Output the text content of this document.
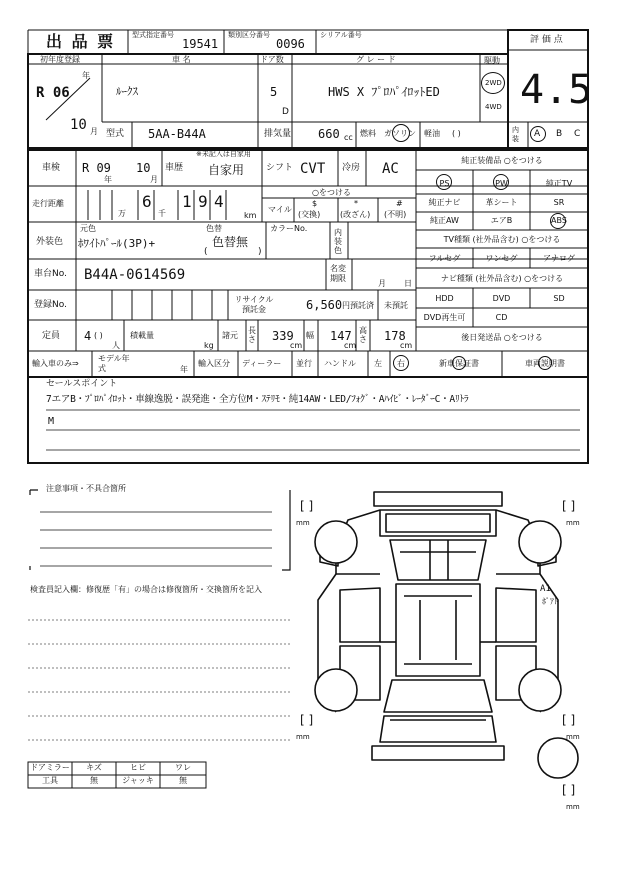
出 品 票 型式指定番号
19541
類別区分番号
0096
シリアル番号	評 価 点
4.5
初年度登録
R 06
年
10 月
車 名
ﾙｰｸｽ
ドア数
5
D
グ レ ー ド
HWS X ﾌﾟﾛﾊﾟｲﾛｯﾄED
駆動
2WD
4WD
型式 5AA-B44A	排気量 660 cc 燃料 ガソリン 軽油 ( )	内装	A B C
車検 R 09
年
10
月
車歴
※未記入は自家用
自家用 シフト CVT 冷房 AC
走行距離
万
6
千
1 9 4
km
○をつける
マイル
$
(交換)
*
(改ざん)
#
(不明)
外装色
元色
ﾎﾜｲﾄﾊﾟｰﾙ(3P)+
色替
色替無
(	)
カラーNo.	内装色
車台No. B44A-0614569	名変期限
月 日
登録No.
リサイクル預託金	6,560 円預託済 未預託
定員 4 ( )
人
積載量
kg
諸元
長さ 339
cm
幅 147
cm
高さ 178
cm
輸入車のみ⇒
モデル年式	年
輸入区分 ディーラー 並行 ハンドル 左 右
純正装備品 ○をつける
PS	PW	純正TV
純正ナビ	革シート	SR
純正AW	エアB	ABS
TV種類 (社外品含む) ○をつける
フルセグ	ワンセグ	アナログ
ナビ種類 (社外品含む) ○をつける
HDD	DVD	SD
DVD再生可	CD
後日発送品 ○をつける
新車保証書	車両説明書
セールスポイント
7エアB・ﾌﾟﾛﾊﾟｲﾛｯﾄ・車線逸脱・誤発進・全方位M・ｽﾃﾘﾓ・純14AW・LED/ﾌｫｸﾞ・Aﾊｲﾋﾞ・ﾚｰﾀﾞｰC・Aﾘﾄﾗ
M
注意事項・不具合箇所
検査員記入欄：修復歴「有」の場合は修復箇所・交換箇所を記入
ドアミラー	キズ	ヒビ	ワレ
工具	無	ジャッキ	無
[ ]
mm
[ ]
mm
[ ]
mm
[ ]
mm
[ ]
mm
A1
ﾎﾟｱﾄ
